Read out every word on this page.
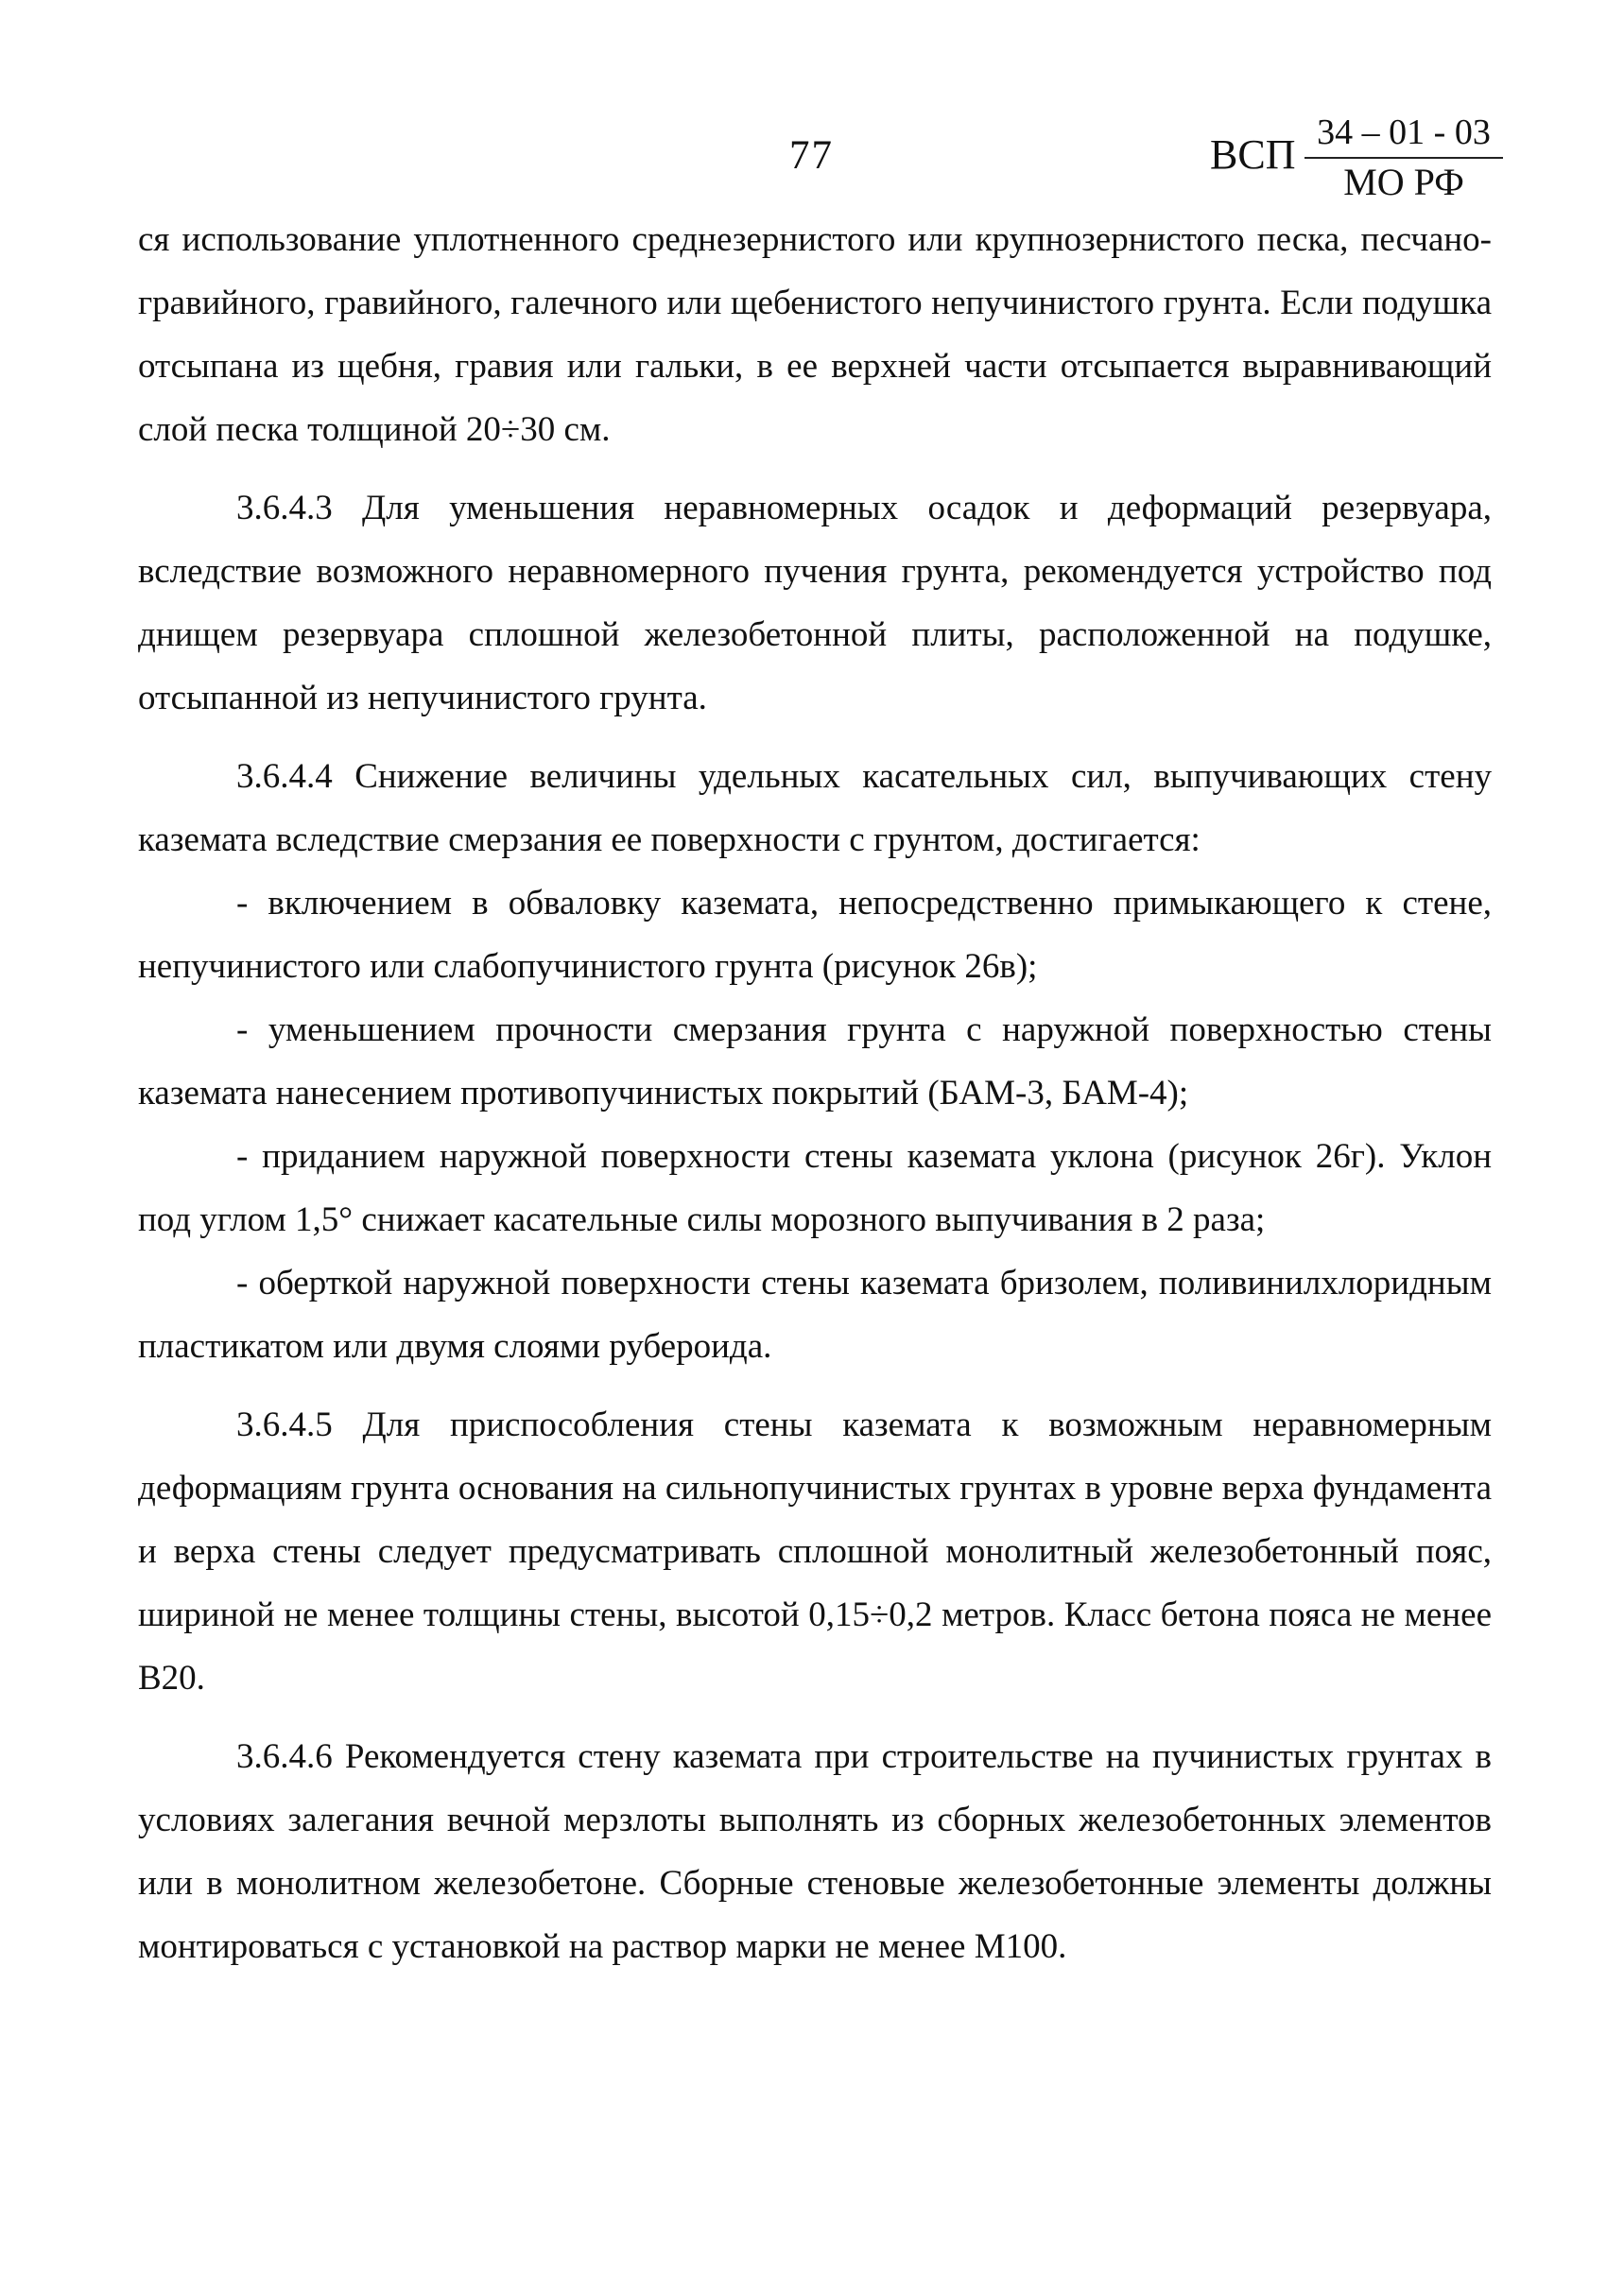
77	ВСП 34 – 01 - 03
МО РФ

ся использование уплотненного среднезернистого или крупнозернистого песка, песчано-гравийного, гравийного, галечного или щебенистого непучинистого грунта. Если подушка отсыпана из щебня, гравия или гальки, в ее верхней части отсыпается выравнивающий слой песка толщиной 20÷30 см.

3.6.4.3 Для уменьшения неравномерных осадок и деформаций резервуара, вследствие возможного неравномерного пучения грунта, рекомендуется устройство под днищем резервуара сплошной железобетонной плиты, расположенной на подушке, отсыпанной из непучинистого грунта.

3.6.4.4 Снижение величины удельных касательных сил, выпучивающих стену каземата вследствие смерзания ее поверхности с грунтом, достигается:

- включением в обваловку каземата, непосредственно примыкающего к стене, непучинистого или слабопучинистого грунта (рисунок 26в);

- уменьшением прочности смерзания грунта с наружной поверхностью стены каземата нанесением противопучинистых покрытий (БАМ-3, БАМ-4);

- приданием наружной поверхности стены каземата уклона (рисунок 26г). Уклон под углом 1,5° снижает касательные силы морозного выпучивания в 2 раза;

- оберткой наружной поверхности стены каземата бризолем, поливинилхлоридным пластикатом или двумя слоями рубероида.

3.6.4.5 Для приспособления стены каземата к возможным неравномерным деформациям грунта основания на сильнопучинистых грунтах в уровне верха фундамента и верха стены следует предусматривать сплошной монолитный железобетонный пояс, шириной не менее толщины стены, высотой 0,15÷0,2 метров. Класс бетона пояса не менее В20.

3.6.4.6 Рекомендуется стену каземата при строительстве на пучинистых грунтах в условиях залегания вечной мерзлоты выполнять из сборных железобетонных элементов или в монолитном железобетоне. Сборные стеновые железобетонные элементы должны монтироваться с установкой на раствор марки не менее М100.
